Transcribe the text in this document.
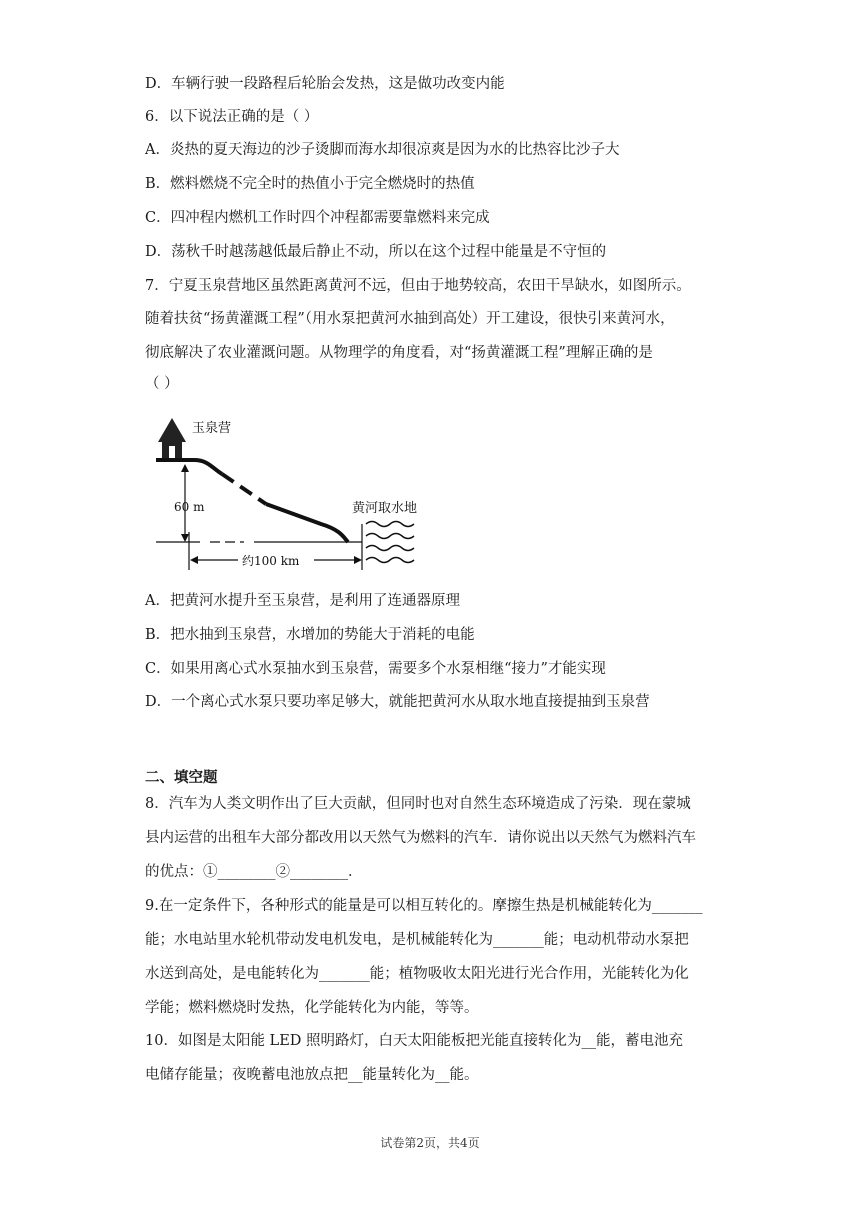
D．车辆行驶一段路程后轮胎会发热，这是做功改变内能
6．以下说法正确的是（ ）
A．炎热的夏天海边的沙子烫脚而海水却很凉爽是因为水的比热容比沙子大
B．燃料燃烧不完全时的热值小于完全燃烧时的热值
C．四冲程内燃机工作时四个冲程都需要靠燃料来完成
D．荡秋千时越荡越低最后静止不动，所以在这个过程中能量是不守恒的
7．宁夏玉泉营地区虽然距离黄河不远，但由于地势较高，农田干旱缺水，如图所示。
随着扶贫“扬黄灌溉工程”（用水泵把黄河水抽到高处）开工建设，很快引来黄河水，
彻底解决了农业灌溉问题。从物理学的角度看，对“扬黄灌溉工程”理解正确的是
（ ）
玉泉营
黄河取水地
60 m
约100 km
A．把黄河水提升至玉泉营，是利用了连通器原理
B．把水抽到玉泉营，水增加的势能大于消耗的电能
C．如果用离心式水泵抽水到玉泉营，需要多个水泵相继“接力”才能实现
D．一个离心式水泵只要功率足够大，就能把黄河水从取水地直接提抽到玉泉营
二、填空题
8．汽车为人类文明作出了巨大贡献，但同时也对自然生态环境造成了污染．现在蒙城
县内运营的出租车大部分都改用以天然气为燃料的汽车．请你说出以天然气为燃料汽车
的优点：①________②________．
9.在一定条件下，各种形式的能量是可以相互转化的。摩擦生热是机械能转化为_______
能；水电站里水轮机带动发电机发电，是机械能转化为_______能；电动机带动水泵把
水送到高处，是电能转化为_______能；植物吸收太阳光进行光合作用，光能转化为化
学能；燃料燃烧时发热，化学能转化为内能，等等。
10．如图是太阳能 LED 照明路灯，白天太阳能板把光能直接转化为__能，蓄电池充
电储存能量；夜晚蓄电池放点把__能量转化为__能。
试卷第2页，共4页
